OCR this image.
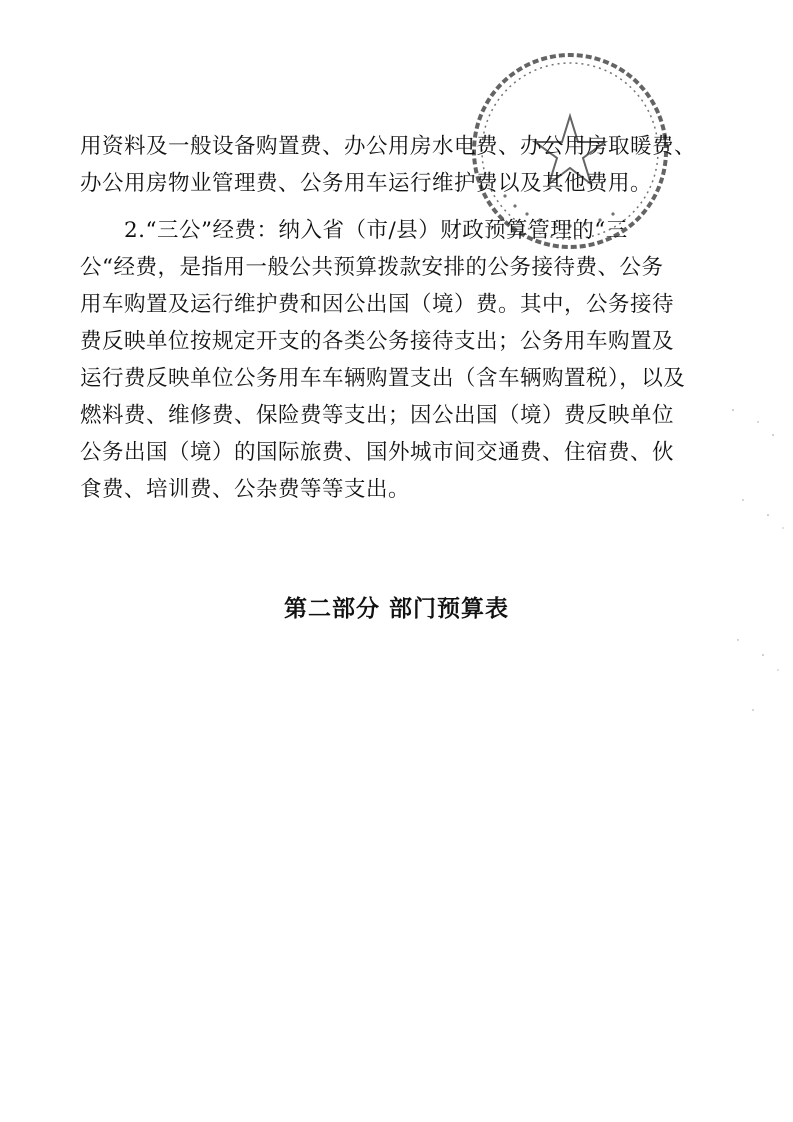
用资料及一般设备购置费、办公用房水电费、办公用房取暖费、
办公用房物业管理费、公务用车运行维护费以及其他费用。

　　2.“三公”经费：纳入省（市/县）财政预算管理的“三
公“经费，是指用一般公共预算拨款安排的公务接待费、公务
用车购置及运行维护费和因公出国（境）费。其中，公务接待
费反映单位按规定开支的各类公务接待支出；公务用车购置及
运行费反映单位公务用车车辆购置支出（含车辆购置税），以及
燃料费、维修费、保险费等支出；因公出国（境）费反映单位
公务出国（境）的国际旅费、国外城市间交通费、住宿费、伙
食费、培训费、公杂费等等支出。

第二部分 部门预算表
